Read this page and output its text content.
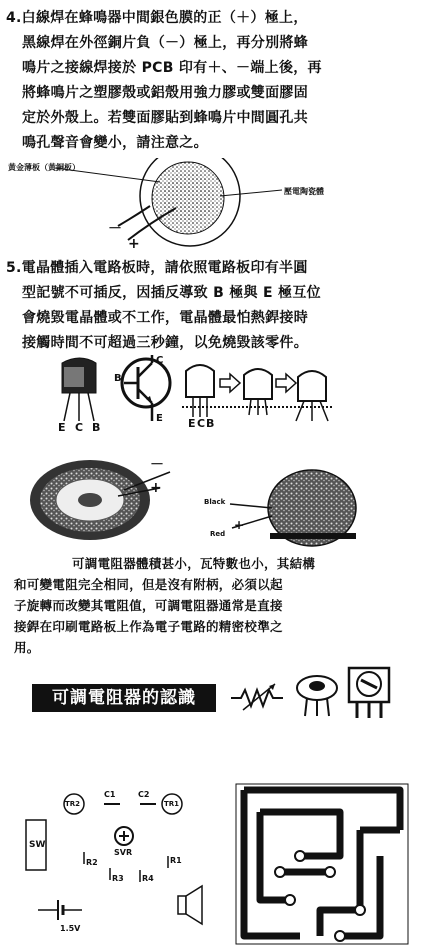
4.白線焊在蜂鳴器中間銀色膜的正（＋）極上，
黑線焊在外徑銅片負（－）極上，再分別將蜂
鳴片之接線焊接於 PCB 印有＋、－端上後，再
將蜂鳴片之塑膠殼或鋁殼用強力膠或雙面膠固
定於外殼上。若雙面膠貼到蜂鳴片中間圓孔共
鳴孔聲音會變小，請注意之。
黃金薄板（黃銅板）
壓電陶瓷體
+
－
5.電晶體插入電路板時，請依照電路板印有半圓
型記號不可插反，因插反導致 B 極與 E 極互位
會燒毀電晶體或不工作，電晶體最怕熱銲接時
接觸時間不可超過三秒鐘，以免燒毀該零件。
E C B
B
C
E E C B
－
+
Black
Red
+
可調電阻器體積甚小，瓦特數也小，其結構
和可變電阻完全相同，但是沒有附柄，必須以起
子旋轉而改變其電阻值，可調電阻器通常是直接
接銲在印刷電路板上作為電子電路的精密校準之
用。
可調電阻器的認識
TR2	TR1
C1	C2
SW
SVR
R1
R2
R3 R4
1.5V
